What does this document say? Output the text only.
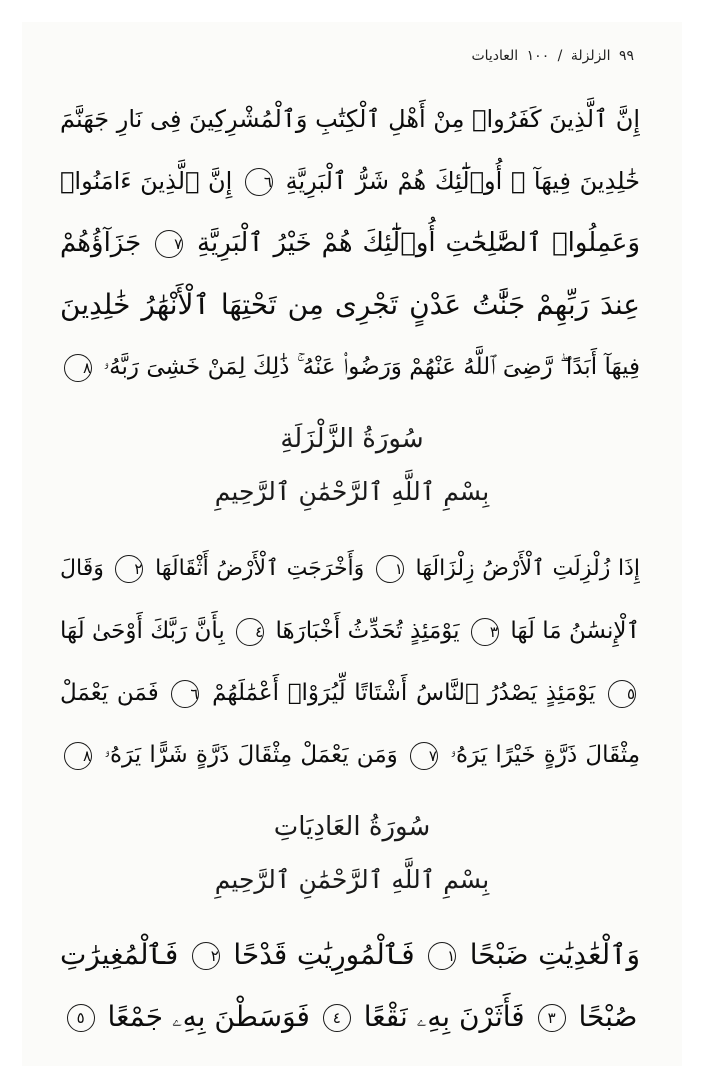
٩٩ الزلزلة / ١٠٠ العاديات
إِنَّ ٱلَّذِينَ كَفَرُوا۟ مِنْ أَهْلِ ٱلْكِتَٰبِ وَٱلْمُشْرِكِينَ فِى نَارِ جَهَنَّمَ
خَٰلِدِينَ فِيهَآ ۚ أُو۟لَٰٓئِكَ هُمْ شَرُّ ٱلْبَرِيَّةِ ٦ إِنَّ ٱلَّذِينَ ءَامَنُوا۟
وَعَمِلُوا۟ ٱلصَّٰلِحَٰتِ أُو۟لَٰٓئِكَ هُمْ خَيْرُ ٱلْبَرِيَّةِ ٧ جَزَآؤُهُمْ
عِندَ رَبِّهِمْ جَنَّٰتُ عَدْنٍ تَجْرِى مِن تَحْتِهَا ٱلْأَنْهَٰرُ خَٰلِدِينَ
فِيهَآ أَبَدًا ۖ رَّضِىَ ٱللَّهُ عَنْهُمْ وَرَضُوا۟ عَنْهُ ۚ ذَٰلِكَ لِمَنْ خَشِىَ رَبَّهُۥ ٨
سُورَةُ الزَّلْزَلَةِ
بِسْمِ ٱللَّهِ ٱلرَّحْمَٰنِ ٱلرَّحِيمِ
إِذَا زُلْزِلَتِ ٱلْأَرْضُ زِلْزَالَهَا ١ وَأَخْرَجَتِ ٱلْأَرْضُ أَثْقَالَهَا ٢ وَقَالَ
ٱلْإِنسَٰنُ مَا لَهَا ٣ يَوْمَئِذٍ تُحَدِّثُ أَخْبَارَهَا ٤ بِأَنَّ رَبَّكَ أَوْحَىٰ لَهَا
٥ يَوْمَئِذٍ يَصْدُرُ ٱلنَّاسُ أَشْتَاتًا لِّيُرَوْا۟ أَعْمَٰلَهُمْ ٦ فَمَن يَعْمَلْ
مِثْقَالَ ذَرَّةٍ خَيْرًا يَرَهُۥ ٧ وَمَن يَعْمَلْ مِثْقَالَ ذَرَّةٍ شَرًّا يَرَهُۥ ٨
سُورَةُ العَادِيَاتِ
بِسْمِ ٱللَّهِ ٱلرَّحْمَٰنِ ٱلرَّحِيمِ
وَٱلْعَٰدِيَٰتِ ضَبْحًا ١ فَٱلْمُورِيَٰتِ قَدْحًا ٢ فَٱلْمُغِيرَٰتِ
صُبْحًا ٣ فَأَثَرْنَ بِهِۦ نَقْعًا ٤ فَوَسَطْنَ بِهِۦ جَمْعًا ٥
